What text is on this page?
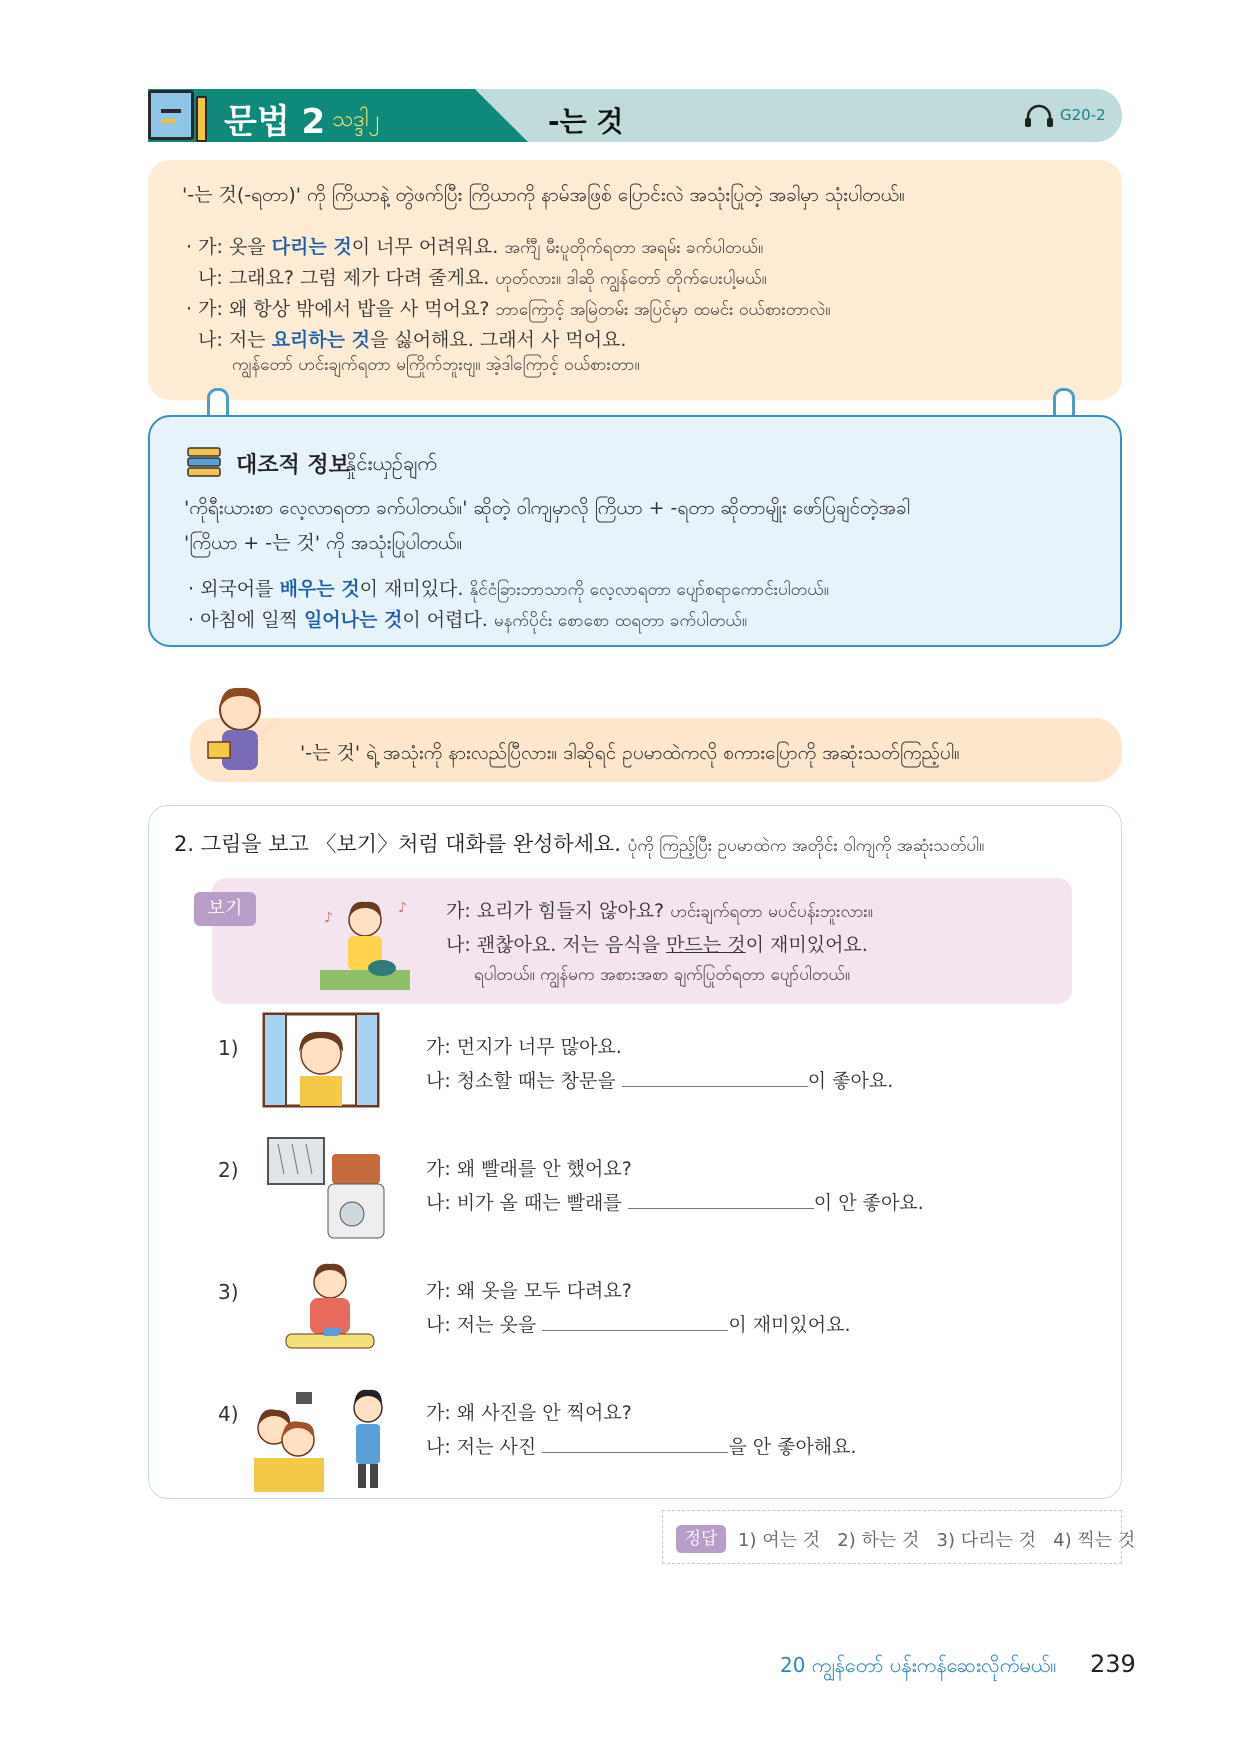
문법 2 သဒ္ဒါ၂	-는 것	G20-2
'-는 것(-ရတာ)' ကို ကြိယာနဲ့ တွဲဖက်ပြီး ကြိယာကို နာမ်အဖြစ် ပြောင်းလဲ အသုံးပြုတဲ့ အခါမှာ သုံးပါတယ်။
· 가: 옷을 다리는 것이 너무 어려워요. အင်္ကျီ မီးပူတိုက်ရတာ အရမ်း ခက်ပါတယ်။
나: 그래요? 그럼 제가 다려 줄게요. ဟုတ်လား။ ဒါဆို ကျွန်တော် တိုက်ပေးပါ့မယ်။
· 가: 왜 항상 밖에서 밥을 사 먹어요? ဘာကြောင့် အမြဲတမ်း အပြင်မှာ ထမင်း ဝယ်စားတာလဲ။
나: 저는 요리하는 것을 싫어해요. 그래서 사 먹어요.
ကျွန်တော် ဟင်းချက်ရတာ မကြိုက်ဘူးဗျ။ အဲ့ဒါကြောင့် ဝယ်စားတာ။
대조적 정보
နှိုင်းယှဉ်ချက်
'ကိုရီးယားစာ လေ့လာရတာ ခက်ပါတယ်။' ဆိုတဲ့ ဝါကျမှာလို ကြိယာ + -ရတာ ဆိုတာမျိုး ဖော်ပြချင်တဲ့အခါ
'ကြိယာ + -는 것' ကို အသုံးပြုပါတယ်။
· 외국어를 배우는 것이 재미있다. နိုင်ငံခြားဘာသာကို လေ့လာရတာ ပျော်စရာကောင်းပါတယ်။
· 아침에 일찍 일어나는 것이 어렵다. မနက်ပိုင်း စောစော ထရတာ ခက်ပါတယ်။
'-는 것' ရဲ့ အသုံးကို နားလည်ပြီလား။ ဒါဆိုရင် ဥပမာထဲကလို စကားပြောကို အဆုံးသတ်ကြည့်ပါ။
2. 그림을 보고 〈보기〉처럼 대화를 완성하세요. ပုံကို ကြည့်ပြီး ဥပမာထဲက အတိုင်း ဝါကျကို အဆုံးသတ်ပါ။
보기	♪
♪ 가: 요리가 힘들지 않아요? ဟင်းချက်ရတာ မပင်ပန်းဘူးလား။
나: 괜찮아요. 저는 음식을 만드는 것이 재미있어요.
ရပါတယ်။ ကျွန်မက အစားအစာ ချက်ပြုတ်ရတာ ပျော်ပါတယ်။
1)	가: 먼지가 너무 많아요.
나: 청소할 때는 창문을	이 좋아요.
2)	가: 왜 빨래를 안 했어요?
나: 비가 올 때는 빨래를	이 안 좋아요.
3)	가: 왜 옷을 모두 다려요?
나: 저는 옷을	이 재미있어요.
4)	가: 왜 사진을 안 찍어요?
나: 저는 사진	을 안 좋아해요.
정답	1) 여는 것   2) 하는 것   3) 다리는 것   4) 찍는 것
20 ကျွန်တော် ပန်းကန်ဆေးလိုက်မယ်။ 239
